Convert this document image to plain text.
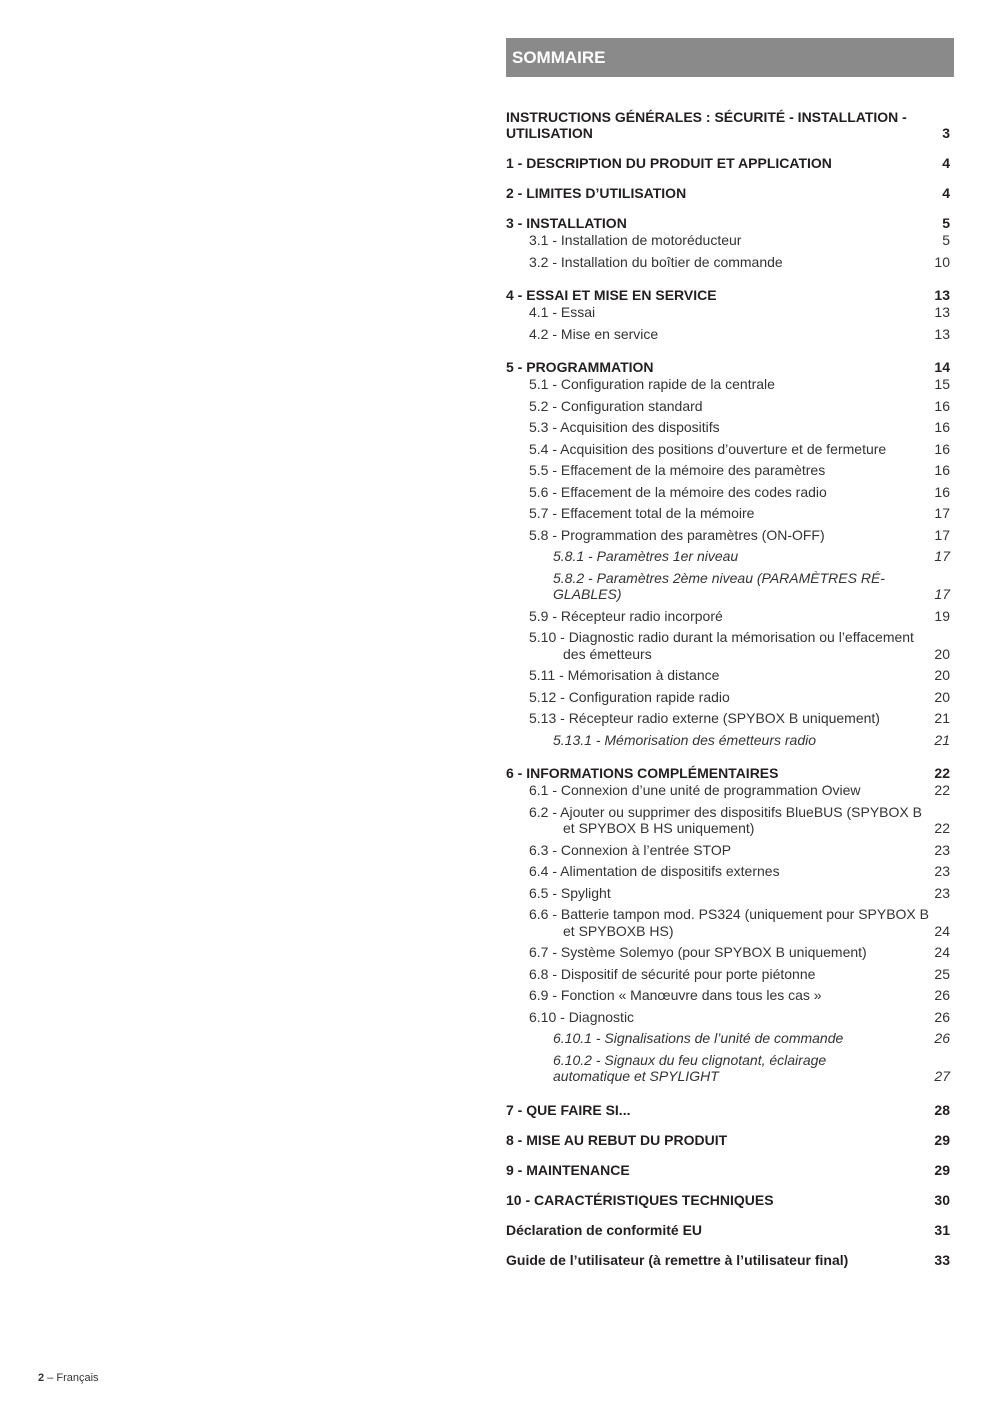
SOMMAIRE
INSTRUCTIONS GÉNÉRALES : SÉCURITÉ - INSTALLATION - UTILISATION	3
1 - DESCRIPTION DU PRODUIT ET APPLICATION	4
2 - LIMITES D’UTILISATION	4
3 - INSTALLATION	5
3.1 - Installation de motoréducteur	5
3.2 - Installation du boîtier de commande	10
4 - ESSAI ET MISE EN SERVICE	13
4.1 - Essai	13
4.2 - Mise en service	13
5 - PROGRAMMATION	14
5.1 - Configuration rapide de la centrale	15
5.2 - Configuration standard	16
5.3 - Acquisition des dispositifs	16
5.4 - Acquisition des positions d’ouverture et de fermeture	16
5.5 - Effacement de la mémoire des paramètres	16
5.6 - Effacement de la mémoire des codes radio	16
5.7 - Effacement total de la mémoire	17
5.8 - Programmation des paramètres (ON-OFF)	17
5.8.1 - Paramètres 1er niveau	17
5.8.2 - Paramètres 2ème niveau (PARAMÈTRES RÉ-GLABLES)	17
5.9 - Récepteur radio incorporé	19
5.10 - Diagnostic radio durant la mémorisation ou l’effacement des émetteurs	20
5.11 - Mémorisation à distance	20
5.12 - Configuration rapide radio	20
5.13 - Récepteur radio externe (SPYBOX B uniquement)	21
5.13.1 - Mémorisation des émetteurs radio	21
6 - INFORMATIONS COMPLÉMENTAIRES	22
6.1 - Connexion d’une unité de programmation Oview	22
6.2 - Ajouter ou supprimer des dispositifs BlueBUS (SPYBOX B et SPYBOX B HS uniquement)	22
6.3 - Connexion à l’entrée STOP	23
6.4 - Alimentation de dispositifs externes	23
6.5 - Spylight	23
6.6 - Batterie tampon mod. PS324 (uniquement pour SPYBOX B et SPYBOXB HS)	24
6.7 - Système Solemyo (pour SPYBOX B uniquement)	24
6.8 - Dispositif de sécurité pour porte piétonne	25
6.9 - Fonction « Manœuvre dans tous les cas »	26
6.10 - Diagnostic	26
6.10.1 - Signalisations de l’unité de commande	26
6.10.2 - Signaux du feu clignotant, éclairage automatique et SPYLIGHT	27
7 - QUE FAIRE SI...	28
8 - MISE AU REBUT DU PRODUIT	29
9 - MAINTENANCE	29
10 - CARACTÉRISTIQUES TECHNIQUES	30
Déclaration de conformité EU	31
Guide de l’utilisateur (à remettre à l’utilisateur final)	33
2 – Français
